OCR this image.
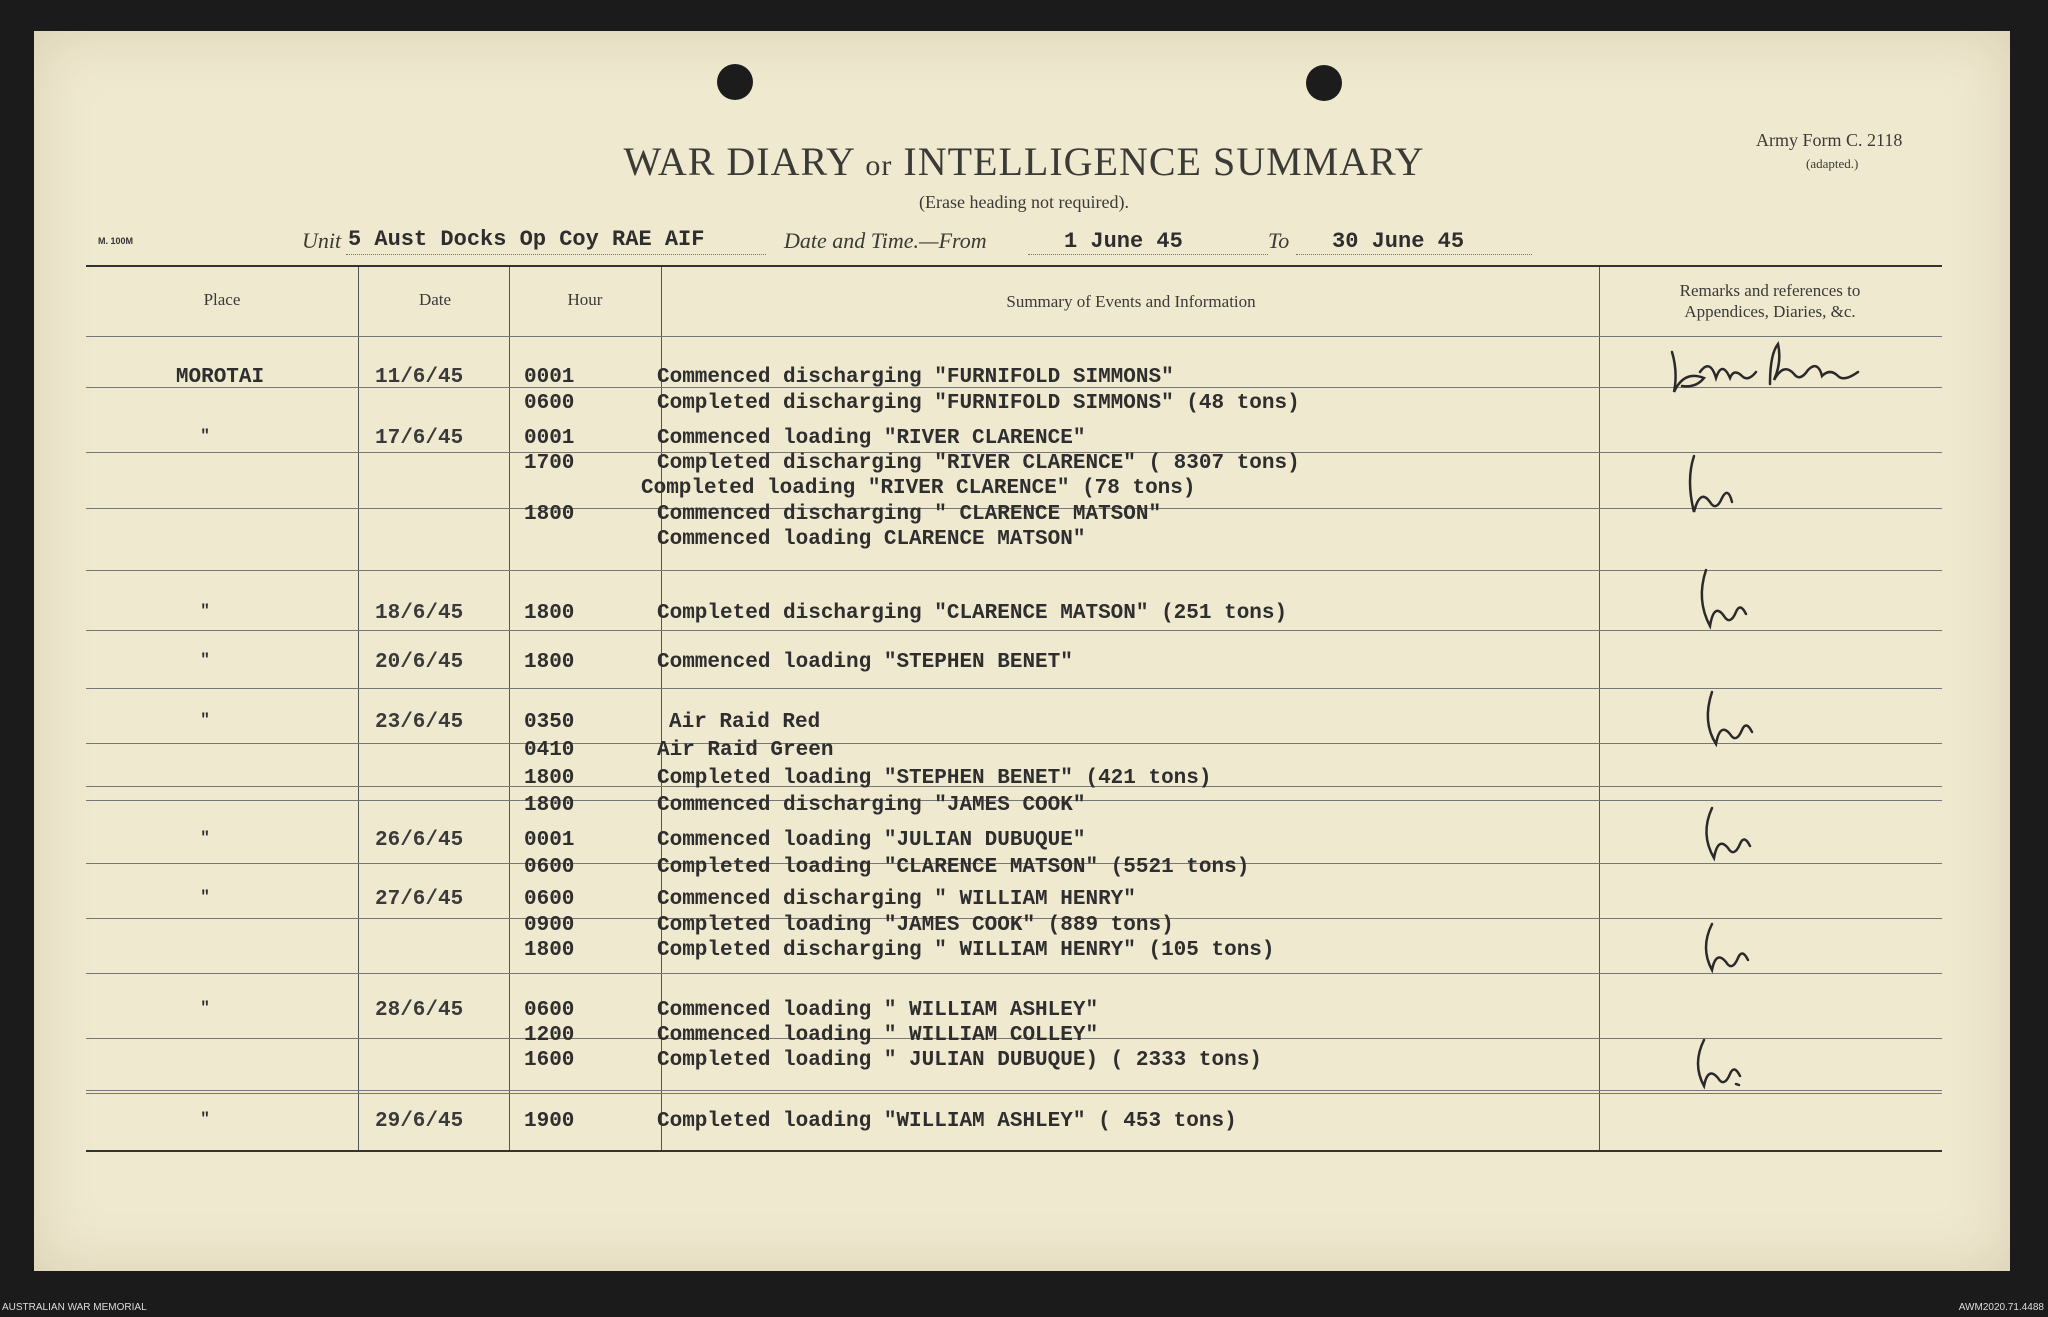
WAR DIARY or INTELLIGENCE SUMMARY
(Erase heading not required).
Army Form C. 2118
(adapted.)
M. 100M	Unit 5 Aust Docks Op Coy RAE AIF	Date and Time.—From	1 June 45	To 30 June 45
Place	Date	Hour	Summary of Events and Information
Remarks and references to
Appendices, Diaries, &c.
MOROTAI	11/6/45	0001	Commenced discharging "FURNIFOLD SIMMONS"
0600	Completed discharging "FURNIFOLD SIMMONS" (48 tons)
"	17/6/45	0001	Commenced loading "RIVER CLARENCE"
1700	Completed discharging "RIVER CLARENCE" ( 8307 tons)
Completed loading "RIVER CLARENCE" (78 tons)
1800	Commenced discharging " CLARENCE MATSON"
Commenced loading CLARENCE MATSON"
"	18/6/45	1800	Completed discharging "CLARENCE MATSON" (251 tons)
"	20/6/45	1800	Commenced loading "STEPHEN BENET"
"	23/6/45	0350	Air Raid Red
0410	Air Raid Green
1800	Completed loading "STEPHEN BENET" (421 tons)
1800	Commenced discharging "JAMES COOK"
"	26/6/45	0001	Commenced loading "JULIAN DUBUQUE"
0600	Completed loading "CLARENCE MATSON" (5521 tons)
"	27/6/45	0600	Commenced discharging " WILLIAM HENRY"
0900	Completed loading "JAMES COOK" (889 tons)
1800	Completed discharging " WILLIAM HENRY" (105 tons)
"	28/6/45	0600	Commenced loading " WILLIAM ASHLEY"
1200	Commenced loading " WILLIAM COLLEY"
1600	Completed loading " JULIAN DUBUQUE) ( 2333 tons)
"	29/6/45	1900	Completed loading "WILLIAM ASHLEY" ( 453 tons)
AUSTRALIAN WAR MEMORIAL	AWM2020.71.4488
